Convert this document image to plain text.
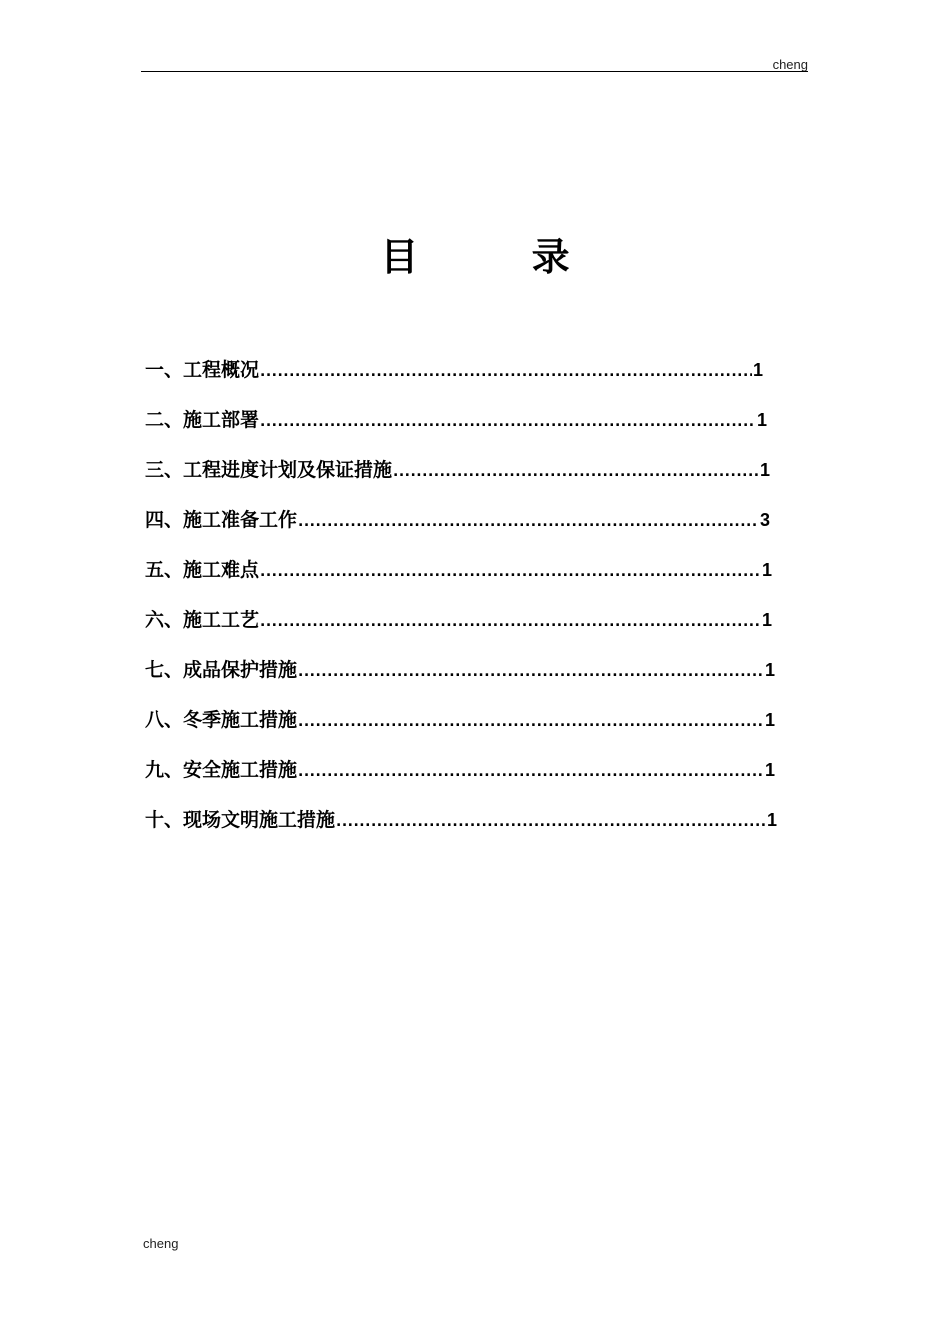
cheng
目 录
一、 工程概况 .....	1
二、 施工部署 .....	1
三、 工程进度计划及保证措施 .....	1
四、 施工准备工作 .....	3
五、 施工难点 .....	1
六、 施工工艺 .....	1
七、 成品保护措施 .....	1
八、 冬季施工措施 .....	1
九、 安全施工措施 .....	1
十、 现场文明施工措施 .....	1
cheng
